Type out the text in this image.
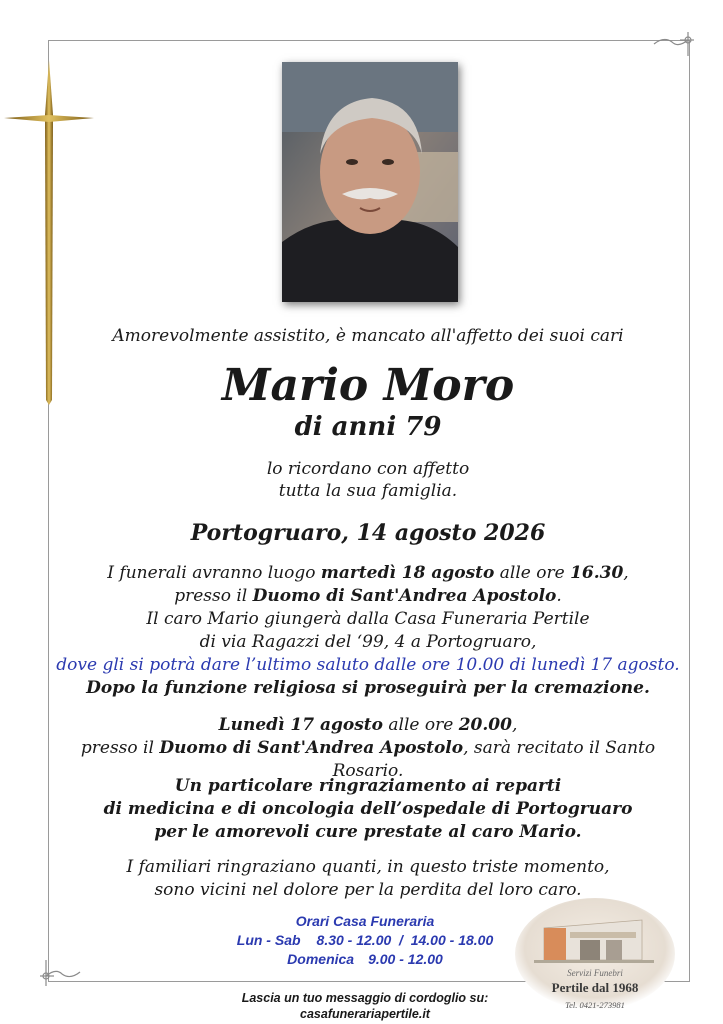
Amorevolmente assistito, è mancato all'affetto dei suoi cari
Mario Moro
di anni 79
lo ricordano con affetto
tutta la sua famiglia.
Portogruaro, 14 agosto 2026
I funerali avranno luogo martedì 18 agosto alle ore 16.30,
presso il Duomo di Sant'Andrea Apostolo.
Il caro Mario giungerà dalla Casa Funeraria Pertile
di via Ragazzi del ‘99, 4 a Portogruaro,
dove gli si potrà dare l’ultimo saluto dalle ore 10.00 di lunedì 17 agosto.
Dopo la funzione religiosa si proseguirà per la cremazione.
Lunedì 17 agosto alle ore 20.00,
presso il Duomo di Sant'Andrea Apostolo, sarà recitato il Santo Rosario.
Un particolare ringraziamento ai reparti
di medicina e di oncologia dell’ospedale di Portogruaro
per le amorevoli cure prestate al caro Mario.
I familiari ringraziano quanti, in questo triste momento,
sono vicini nel dolore per la perdita del loro caro.
Orari Casa Funeraria
Lun - Sab 8.30 - 12.00  /  14.00 - 18.00
Domenica 9.00 - 12.00
Lascia un tuo messaggio di cordoglio su:
casafunerariapertile.it
Servizi Funebri
Pertile dal 1968
Tel. 0421-273981
